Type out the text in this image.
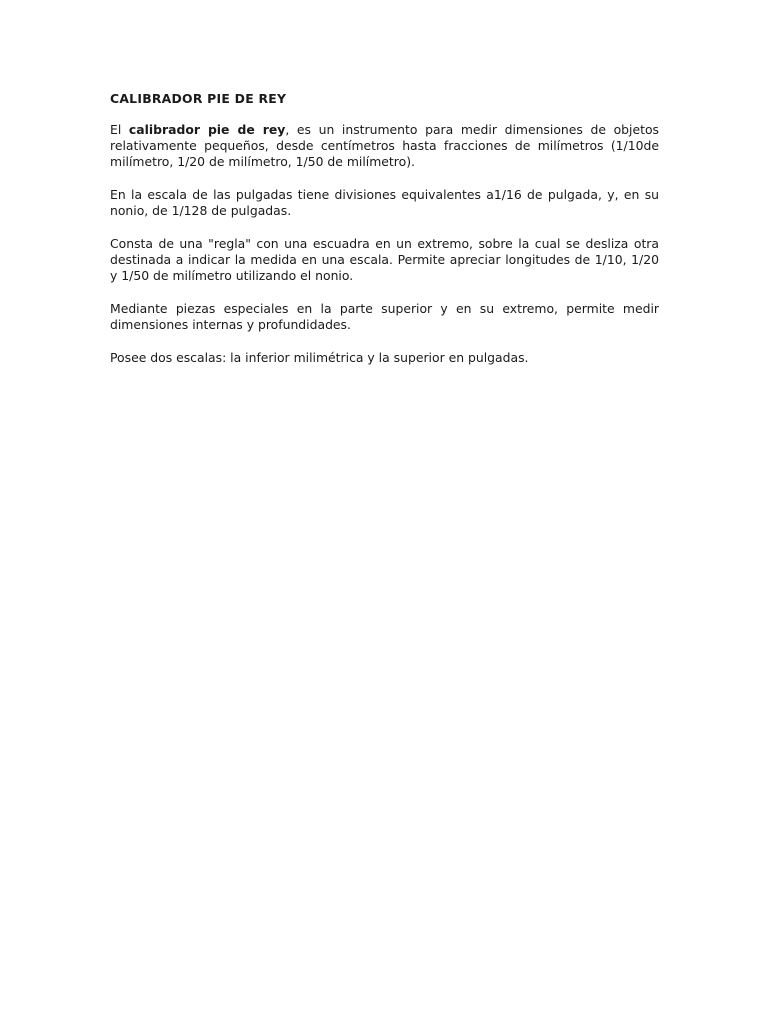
CALIBRADOR PIE DE REY

El calibrador pie de rey, es un instrumento para medir dimensiones de objetos relativamente pequeños, desde centímetros hasta fracciones de milímetros (1/10de milímetro, 1/20 de milímetro, 1/50 de milímetro).

En la escala de las pulgadas tiene divisiones equivalentes a1/16 de pulgada, y, en su nonio, de 1/128 de pulgadas.

Consta de una "regla" con una escuadra en un extremo, sobre la cual se desliza otra destinada a indicar la medida en una escala. Permite apreciar longitudes de 1/10, 1/20 y 1/50 de milímetro utilizando el nonio.

Mediante piezas especiales en la parte superior y en su extremo, permite medir dimensiones internas y profundidades.

Posee dos escalas: la inferior milimétrica y la superior en pulgadas.
